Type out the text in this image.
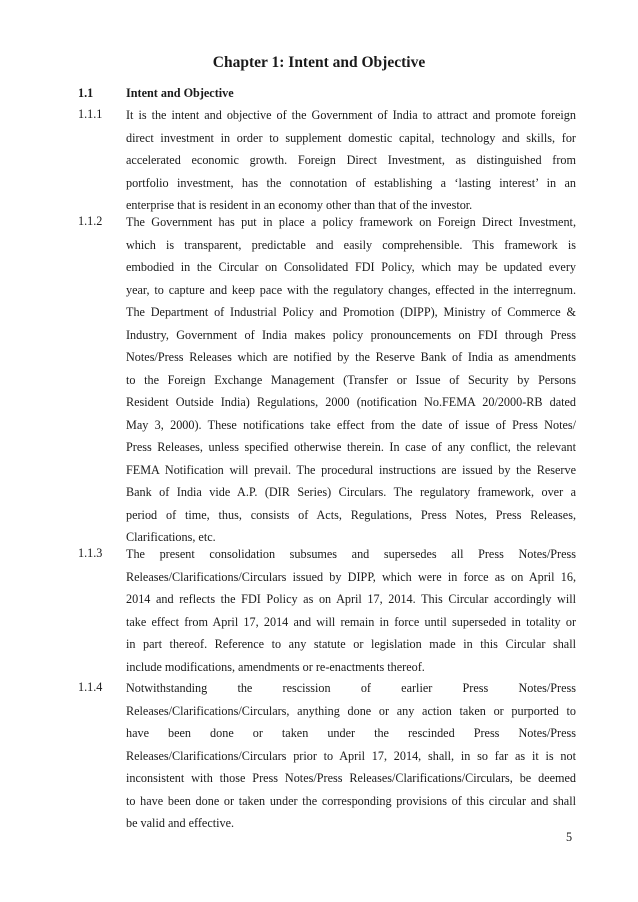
Chapter 1: Intent and Objective
1.1	Intent and Objective
1.1.1 It is the intent and objective of the Government of India to attract and promote foreign
direct investment in order to supplement domestic capital, technology and skills, for
accelerated economic growth. Foreign Direct Investment, as distinguished from
portfolio investment, has the connotation of establishing a ‘lasting interest’ in an
enterprise that is resident in an economy other than that of the investor.
1.1.2 The Government has put in place a policy framework on Foreign Direct Investment,
which is transparent, predictable and easily comprehensible. This framework is
embodied in the Circular on Consolidated FDI Policy, which may be updated every
year, to capture and keep pace with the regulatory changes, effected in the interregnum.
The Department of Industrial Policy and Promotion (DIPP), Ministry of Commerce &
Industry, Government of India makes policy pronouncements on FDI through Press
Notes/Press Releases which are notified by the Reserve Bank of India as amendments
to the Foreign Exchange Management (Transfer or Issue of Security by Persons
Resident Outside India) Regulations, 2000 (notification No.FEMA 20/2000-RB dated
May 3, 2000). These notifications take effect from the date of issue of Press Notes/
Press Releases, unless specified otherwise therein. In case of any conflict, the relevant
FEMA Notification will prevail. The procedural instructions are issued by the Reserve
Bank of India vide A.P. (DIR Series) Circulars. The regulatory framework, over a
period of time, thus, consists of Acts, Regulations, Press Notes, Press Releases,
Clarifications, etc.
1.1.3 The present consolidation subsumes and supersedes all Press Notes/Press
Releases/Clarifications/Circulars issued by DIPP, which were in force as on April 16,
2014 and reflects the FDI Policy as on April 17, 2014. This Circular accordingly will
take effect from April 17, 2014 and will remain in force until superseded in totality or
in part thereof. Reference to any statute or legislation made in this Circular shall
include modifications, amendments or re-enactments thereof.
1.1.4 Notwithstanding the rescission of earlier Press Notes/Press
Releases/Clarifications/Circulars, anything done or any action taken or purported to
have been done or taken under the rescinded Press Notes/Press
Releases/Clarifications/Circulars prior to April 17, 2014, shall, in so far as it is not
inconsistent with those Press Notes/Press Releases/Clarifications/Circulars, be deemed
to have been done or taken under the corresponding provisions of this circular and shall
be valid and effective.
5
